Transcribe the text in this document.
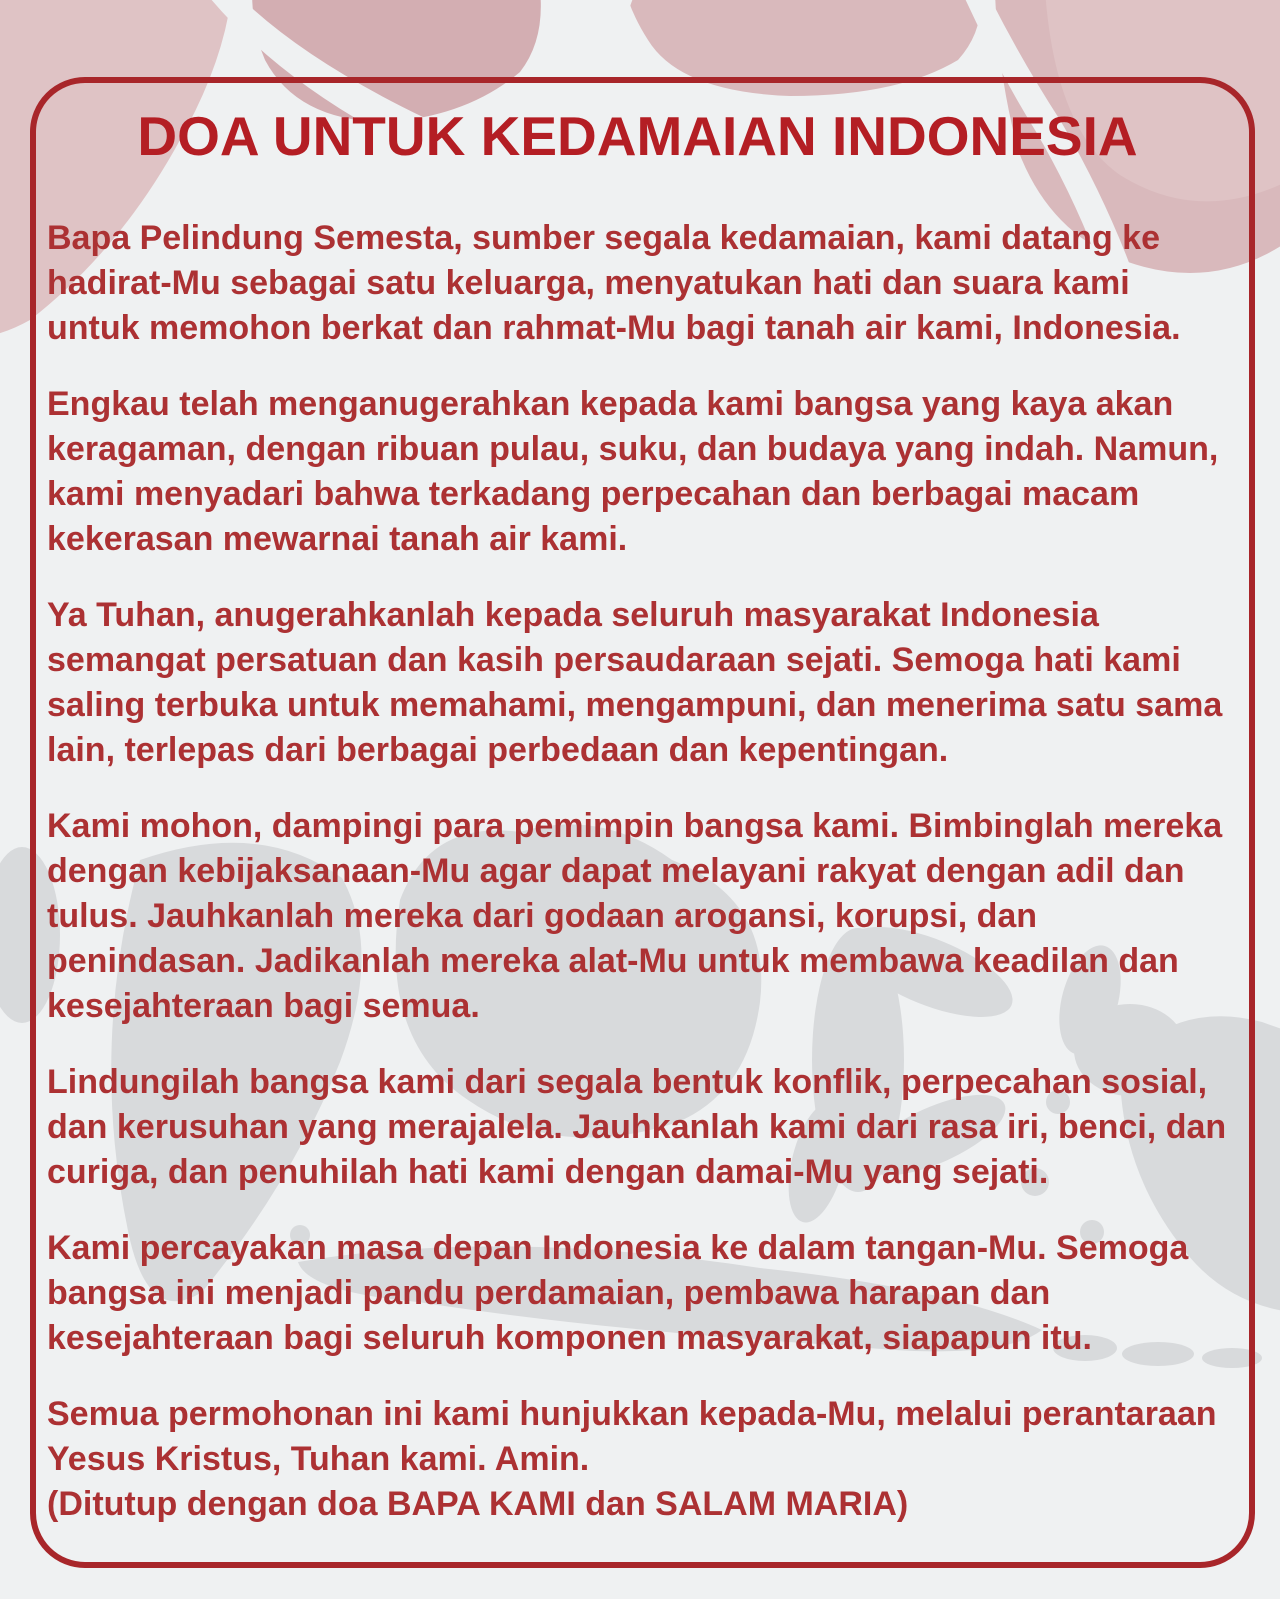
DOA UNTUK KEDAMAIAN INDONESIA

Bapa Pelindung Semesta, sumber segala kedamaian, kami datang ke hadirat-Mu sebagai satu keluarga, menyatukan hati dan suara kami untuk memohon berkat dan rahmat-Mu bagi tanah air kami, Indonesia.

Engkau telah menganugerahkan kepada kami bangsa yang kaya akan keragaman, dengan ribuan pulau, suku, dan budaya yang indah. Namun, kami menyadari bahwa terkadang perpecahan dan berbagai macam kekerasan mewarnai tanah air kami.

Ya Tuhan, anugerahkanlah kepada seluruh masyarakat Indonesia semangat persatuan dan kasih persaudaraan sejati. Semoga hati kami saling terbuka untuk memahami, mengampuni, dan menerima satu sama lain, terlepas dari berbagai perbedaan dan kepentingan.

Kami mohon, dampingi para pemimpin bangsa kami. Bimbinglah mereka dengan kebijaksanaan-Mu agar dapat melayani rakyat dengan adil dan tulus. Jauhkanlah mereka dari godaan arogansi, korupsi, dan penindasan. Jadikanlah mereka alat-Mu untuk membawa keadilan dan kesejahteraan bagi semua.

Lindungilah bangsa kami dari segala bentuk konflik, perpecahan sosial, dan kerusuhan yang merajalela. Jauhkanlah kami dari rasa iri, benci, dan curiga, dan penuhilah hati kami dengan damai-Mu yang sejati.

Kami percayakan masa depan Indonesia ke dalam tangan-Mu. Semoga bangsa ini menjadi pandu perdamaian, pembawa harapan dan kesejahteraan bagi seluruh komponen masyarakat, siapapun itu.

Semua permohonan ini kami hunjukkan kepada-Mu, melalui perantaraan Yesus Kristus, Tuhan kami. Amin.

(Ditutup dengan doa BAPA KAMI dan SALAM MARIA)
